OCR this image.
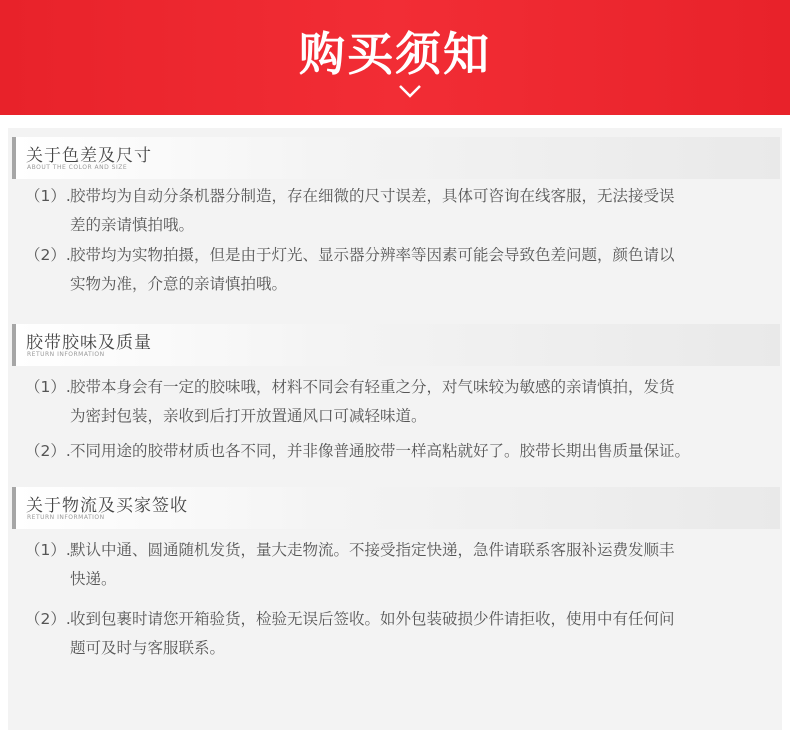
购买须知
关于色差及尺寸
ABOUT THE COLOR AND SIZE
（1）.胶带均为自动分条机器分制造，存在细微的尺寸误差，具体可咨询在线客服，无法接受误
差的亲请慎拍哦。
（2）.胶带均为实物拍摄，但是由于灯光、显示器分辨率等因素可能会导致色差问题，颜色请以
实物为准，介意的亲请慎拍哦。
胶带胶味及质量
RETURN INFORMATION
（1）.胶带本身会有一定的胶味哦，材料不同会有轻重之分，对气味较为敏感的亲请慎拍，发货
为密封包装，亲收到后打开放置通风口可减轻味道。
（2）.不同用途的胶带材质也各不同，并非像普通胶带一样高粘就好了。胶带长期出售质量保证。
关于物流及买家签收
RETURN INFORMATION
（1）.默认中通、圆通随机发货，量大走物流。不接受指定快递，急件请联系客服补运费发顺丰
快递。
（2）.收到包裹时请您开箱验货，检验无误后签收。如外包装破损少件请拒收，使用中有任何问
题可及时与客服联系。
